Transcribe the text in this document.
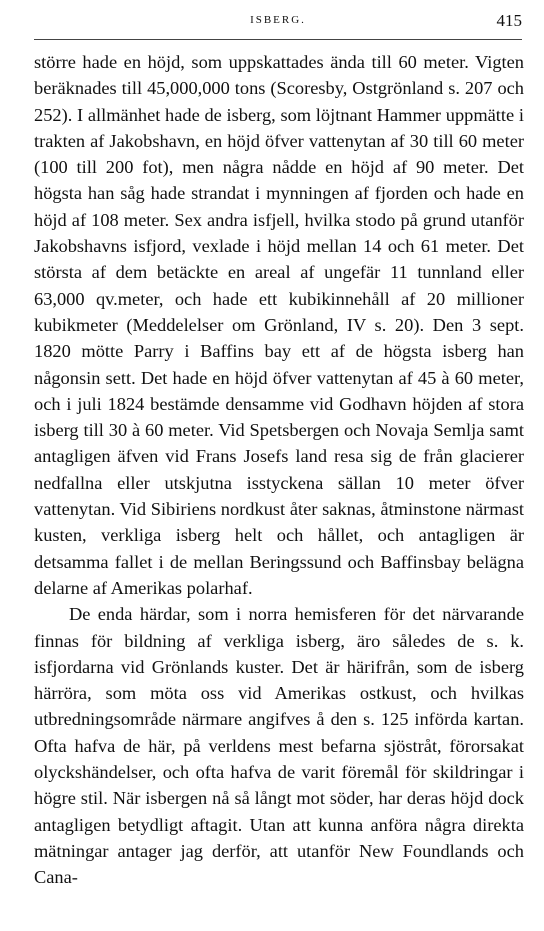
ISBERG.	415

större hade en höjd, som uppskattades ända till 60 meter. Vigten beräknades till 45,000,000 tons (Scoresby, Ostgrönland s. 207 och 252). I allmänhet hade de isberg, som löjtnant Hammer uppmätte i trakten af Jakobshavn, en höjd öfver vattenytan af 30 till 60 meter (100 till 200 fot), men några nådde en höjd af 90 meter. Det högsta han såg hade strandat i mynningen af fjorden och hade en höjd af 108 meter. Sex andra isfjell, hvilka stodo på grund utanför Jakobshavns isfjord, vexlade i höjd mellan 14 och 61 meter. Det största af dem betäckte en areal af ungefär 11 tunnland eller 63,000 qv.meter, och hade ett kubikinnehåll af 20 millioner kubikmeter (Meddelelser om Grönland, IV s. 20). Den 3 sept. 1820 mötte Parry i Baffins bay ett af de högsta isberg han någonsin sett. Det hade en höjd öfver vattenytan af 45 à 60 meter, och i juli 1824 bestämde densamme vid Godhavn höjden af stora isberg till 30 à 60 meter. Vid Spetsbergen och Novaja Semlja samt antagligen äfven vid Frans Josefs land resa sig de från glacierer nedfallna eller utskjutna isstyckena sällan 10 meter öfver vattenytan. Vid Sibiriens nordkust åter saknas, åtminstone närmast kusten, verkliga isberg helt och hållet, och antagligen är detsamma fallet i de mellan Beringssund och Baffinsbay belägna delarne af Amerikas polarhaf.

De enda härdar, som i norra hemisferen för det närvarande finnas för bildning af verkliga isberg, äro således de s. k. isfjordarna vid Grönlands kuster. Det är härifrån, som de isberg härröra, som möta oss vid Amerikas ostkust, och hvilkas utbredningsområde närmare angifves å den s. 125 införda kartan. Ofta hafva de här, på verldens mest befarna sjöstråt, förorsakat olyckshändelser, och ofta hafva de varit föremål för skildringar i högre stil. När isbergen nå så långt mot söder, har deras höjd dock antagligen betydligt aftagit. Utan att kunna anföra några direkta mätningar antager jag derför, att utanför New Foundlands och Cana-
